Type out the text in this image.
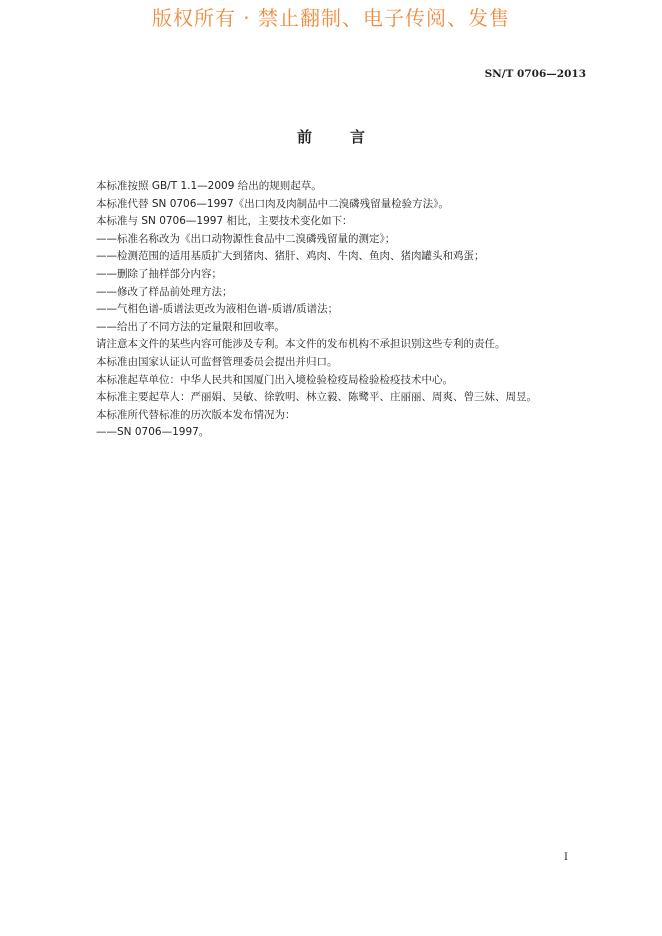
版权所有 · 禁止翻制、电子传阅、发售
SN/T 0706—2013
前言

本标准按照 GB/T 1.1—2009 给出的规则起草。

本标准代替 SN 0706—1997《出口肉及肉制品中二溴磷残留量检验方法》。

本标准与 SN 0706—1997 相比，主要技术变化如下：

——标准名称改为《出口动物源性食品中二溴磷残留量的测定》；

——检测范围的适用基质扩大到猪肉、猪肝、鸡肉、牛肉、鱼肉、猪肉罐头和鸡蛋；

——删除了抽样部分内容；

——修改了样品前处理方法；

——气相色谱-质谱法更改为液相色谱-质谱/质谱法；

——给出了不同方法的定量限和回收率。

请注意本文件的某些内容可能涉及专利。本文件的发布机构不承担识别这些专利的责任。

本标准由国家认证认可监督管理委员会提出并归口。

本标准起草单位：中华人民共和国厦门出入境检验检疫局检验检疫技术中心。

本标准主要起草人：严丽娟、吴敏、徐敦明、林立毅、陈鹭平、庄丽丽、周爽、曾三妹、周昱。

本标准所代替标准的历次版本发布情况为：

——SN 0706—1997。

I
